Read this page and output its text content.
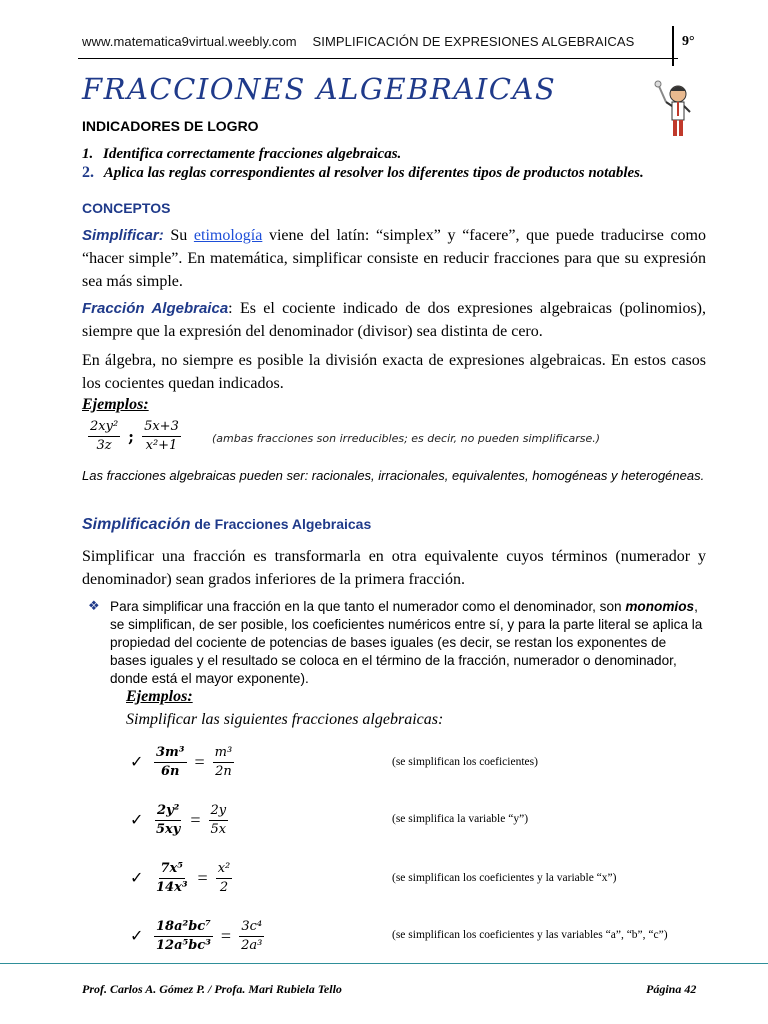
www.matematica9virtual.weebly.com SIMPLIFICACIÓN DE EXPRESIONES ALGEBRAICAS	9°
FRACCIONES ALGEBRAICAS
INDICADORES DE LOGRO
1. Identifica correctamente fracciones algebraicas.
2. Aplica las reglas correspondientes al resolver los diferentes tipos de productos notables.
CONCEPTOS
Simplificar: Su etimología viene del latín: “simplex” y “facere”, que puede traducirse como “hacer simple”. En matemática, simplificar consiste en reducir fracciones para que su expresión sea más simple.
Fracción Algebraica: Es el cociente indicado de dos expresiones algebraicas (polinomios), siempre que la expresión del denominador (divisor) sea distinta de cero.
En álgebra, no siempre es posible la división exacta de expresiones algebraicas. En estos casos los cocientes quedan indicados.
Ejemplos:
$\frac{\text{2xy²}}{3z}$ ; $\frac{5x+3}{\text{x²+1}}$	(ambas fracciones son irreducibles; es decir, no pueden simplificarse.)
Las fracciones algebraicas pueden ser: racionales, irracionales, equivalentes, homogéneas y heterogéneas.
Simplificación de Fracciones Algebraicas
Simplificar una fracción es transformarla en otra equivalente cuyos términos (numerador y denominador) sean grados inferiores de la primera fracción.
❖ Para simplificar una fracción en la que tanto el numerador como el denominador, son monomios, se simplifican, de ser posible, los coeficientes numéricos entre sí, y para la parte literal se aplica la propiedad del cociente de potencias de bases iguales (es decir, se restan los exponentes de bases iguales y el resultado se coloca en el término de la fracción, numerador o denominador, donde está el mayor exponente).
Ejemplos:
Simplificar las siguientes fracciones algebraicas:
✓ $\frac{\text{3m³}}{6n} = \frac{\text{m³}}{2n}$	(se simplifican los coeficientes)
✓ $\frac{\text{2y²}}{5xy} = \frac{2y}{5x}$	(se simplifica la variable “y”)
✓ $\frac{\text{7x⁵}}{\text{14x³}} = \frac{\text{x²}}{2}$	(se simplifican los coeficientes y la variable “x”)
✓ $\frac{\text{18a²bc⁷}}{\text{12a⁵bc³}} = \frac{\text{3c⁴}}{\text{2a³}}$	(se simplifican los coeficientes y las variables “a”, “b”, “c”)
Prof. Carlos A. Gómez P. / Profa. Mari Rubiela Tello	Página 42
